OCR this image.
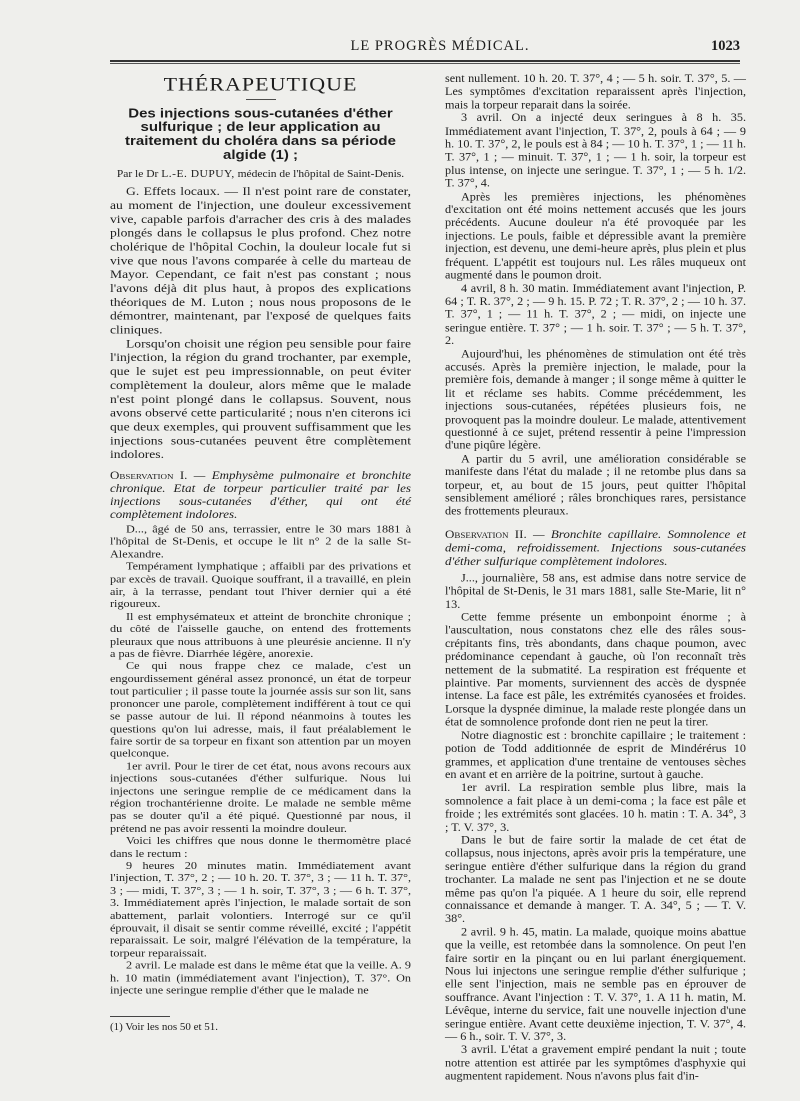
LE PROGRÈS MÉDICAL.	1023
THÉRAPEUTIQUE
Des injections sous-cutanées d'éther sulfurique ; de leur application au traitement du choléra dans sa période algide (1) ;
Par le Dr L.-E. DUPUY, médecin de l'hôpital de Saint-Denis.

G. Effets locaux. — Il n'est point rare de constater, au moment de l'injection, une douleur excessivement vive, capable parfois d'arracher des cris à des malades plongés dans le collapsus le plus profond. Chez notre cholérique de l'hôpital Cochin, la douleur locale fut si vive que nous l'avons comparée à celle du marteau de Mayor. Cependant, ce fait n'est pas constant ; nous l'avons déjà dit plus haut, à propos des explications théoriques de M. Luton ; nous nous proposons de le démontrer, maintenant, par l'exposé de quelques faits cliniques.

Lorsqu'on choisit une région peu sensible pour faire l'injection, la région du grand trochanter, par exemple, que le sujet est peu impressionnable, on peut éviter complètement la douleur, alors même que le malade n'est point plongé dans le collapsus. Souvent, nous avons observé cette particularité ; nous n'en citerons ici que deux exemples, qui prouvent suffisamment que les injections sous-cutanées peuvent être complètement indolores.

Observation I. — Emphysème pulmonaire et bronchite chronique. Etat de torpeur particulier traité par les injections sous-cutanées d'éther, qui ont été complètement indolores.

D..., âgé de 50 ans, terrassier, entre le 30 mars 1881 à l'hôpital de St-Denis, et occupe le lit n° 2 de la salle St-Alexandre.

Tempérament lymphatique ; affaibli par des privations et par excès de travail. Quoique souffrant, il a travaillé, en plein air, à la terrasse, pendant tout l'hiver dernier qui a été rigoureux.

Il est emphysémateux et atteint de bronchite chronique ; du côté de l'aisselle gauche, on entend des frottements pleuraux que nous attribuons à une pleurésie ancienne. Il n'y a pas de fièvre. Diarrhée légère, anorexie.

Ce qui nous frappe chez ce malade, c'est un engourdissement général assez prononcé, un état de torpeur tout particulier ; il passe toute la journée assis sur son lit, sans prononcer une parole, complètement indifférent à tout ce qui se passe autour de lui. Il répond néanmoins à toutes les questions qu'on lui adresse, mais, il faut préalablement le faire sortir de sa torpeur en fixant son attention par un moyen quelconque.

1er avril. Pour le tirer de cet état, nous avons recours aux injections sous-cutanées d'éther sulfurique. Nous lui injectons une seringue remplie de ce médicament dans la région trochantérienne droite. Le malade ne semble même pas se douter qu'il a été piqué. Questionné par nous, il prétend ne pas avoir ressenti la moindre douleur.

Voici les chiffres que nous donne le thermomètre placé dans le rectum :

9 heures 20 minutes matin. Immédiatement avant l'injection, T. 37°, 2 ; — 10 h. 20. T. 37°, 3 ; — 11 h. T. 37°, 3 ; — midi, T. 37°, 3 ; — 1 h. soir, T. 37°, 3 ; — 6 h. T. 37°, 3. Immédiatement après l'injection, le malade sortait de son abattement, parlait volontiers. Interrogé sur ce qu'il éprouvait, il disait se sentir comme réveillé, excité ; l'appétit reparaissait. Le soir, malgré l'élévation de la température, la torpeur reparaissait.

2 avril. Le malade est dans le même état que la veille. A. 9 h. 10 matin (immédiatement avant l'injection), T. 37°. On injecte une seringue remplie d'éther que le malade ne

sent nullement. 10 h. 20. T. 37°, 4 ; — 5 h. soir. T. 37°, 5. — Les symptômes d'excitation reparaissent après l'injection, mais la torpeur reparait dans la soirée.

3 avril. On a injecté deux seringues à 8 h. 35. Immédiatement avant l'injection, T. 37°, 2, pouls à 64 ; — 9 h. 10. T. 37°, 2, le pouls est à 84 ; — 10 h. T. 37°, 1 ; — 11 h. T. 37°, 1 ; — minuit. T. 37°, 1 ; — 1 h. soir, la torpeur est plus intense, on injecte une seringue. T. 37°, 1 ; — 5 h. 1/2. T. 37°, 4.

Après les premières injections, les phénomènes d'excitation ont été moins nettement accusés que les jours précédents. Aucune douleur n'a été provoquée par les injections. Le pouls, faible et dépressible avant la première injection, est devenu, une demi-heure après, plus plein et plus fréquent. L'appétit est toujours nul. Les râles muqueux ont augmenté dans le poumon droit.

4 avril, 8 h. 30 matin. Immédiatement avant l'injection, P. 64 ; T. R. 37°, 2 ; — 9 h. 15. P. 72 ; T. R. 37°, 2 ; — 10 h. 37. T. 37°, 1 ; — 11 h. T. 37°, 2 ; — midi, on injecte une seringue entière. T. 37° ; — 1 h. soir. T. 37° ; — 5 h. T. 37°, 2.

Aujourd'hui, les phénomènes de stimulation ont été très accusés. Après la première injection, le malade, pour la première fois, demande à manger ; il songe même à quitter le lit et réclame ses habits. Comme précédemment, les injections sous-cutanées, répétées plusieurs fois, ne provoquent pas la moindre douleur. Le malade, attentivement questionné à ce sujet, prétend ressentir à peine l'impression d'une piqûre légère.

A partir du 5 avril, une amélioration considérable se manifeste dans l'état du malade ; il ne retombe plus dans sa torpeur, et, au bout de 15 jours, peut quitter l'hôpital sensiblement amélioré ; râles bronchiques rares, persistance des frottements pleuraux.

Observation II. — Bronchite capillaire. Somnolence et demi-coma, refroidissement. Injections sous-cutanées d'éther sulfurique complètement indolores.

J..., journalière, 58 ans, est admise dans notre service de l'hôpital de St-Denis, le 31 mars 1881, salle Ste-Marie, lit n° 13.

Cette femme présente un embonpoint énorme ; à l'auscultation, nous constatons chez elle des râles sous-crépitants fins, très abondants, dans chaque poumon, avec prédominance cependant à gauche, où l'on reconnaît très nettement de la submatité. La respiration est fréquente et plaintive. Par moments, surviennent des accès de dyspnée intense. La face est pâle, les extrémités cyanosées et froides. Lorsque la dyspnée diminue, la malade reste plongée dans un état de somnolence profonde dont rien ne peut la tirer.

Notre diagnostic est : bronchite capillaire ; le traitement : potion de Todd additionnée de esprit de Mindérérus 10 grammes, et application d'une trentaine de ventouses sèches en avant et en arrière de la poitrine, surtout à gauche.

1er avril. La respiration semble plus libre, mais la somnolence a fait place à un demi-coma ; la face est pâle et froide ; les extrémités sont glacées. 10 h. matin : T. A. 34°, 3 ; T. V. 37°, 3.

Dans le but de faire sortir la malade de cet état de collapsus, nous injectons, après avoir pris la température, une seringue entière d'éther sulfurique dans la région du grand trochanter. La malade ne sent pas l'injection et ne se doute même pas qu'on l'a piquée. A 1 heure du soir, elle reprend connaissance et demande à manger. T. A. 34°, 5 ; — T. V. 38°.

2 avril. 9 h. 45, matin. La malade, quoique moins abattue que la veille, est retombée dans la somnolence. On peut l'en faire sortir en la pinçant ou en lui parlant énergiquement. Nous lui injectons une seringue remplie d'éther sulfurique ; elle sent l'injection, mais ne semble pas en éprouver de souffrance. Avant l'injection : T. V. 37°, 1. A 11 h. matin, M. Lévêque, interne du service, fait une nouvelle injection d'une seringue entière. Avant cette deuxième injection, T. V. 37°, 4. — 6 h., soir. T. V. 37°, 3.

3 avril. L'état a gravement empiré pendant la nuit ; toute notre attention est attirée par les symptômes d'asphyxie qui augmentent rapidement. Nous n'avons plus fait d'in-

(1) Voir les nos 50 et 51.
